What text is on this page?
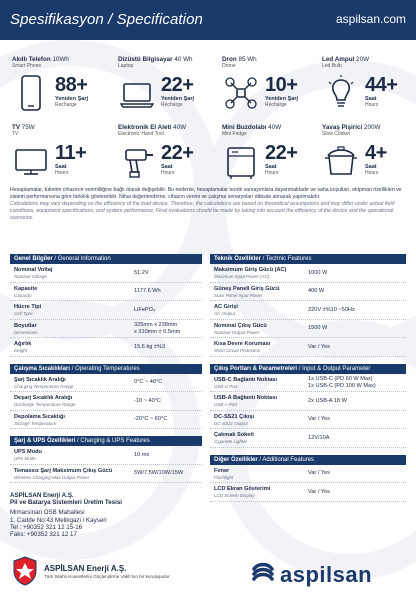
Spesifikasyon / Specification	aspilsan.com
Akıllı Telefon 10Wh
Smart Phone
88+
Yeniden Şarj
Recharge
Dizüstü Bilgisayar 40 Wh
Laptop
22+
Yeniden Şarj
Recharge
Dron 85 Wh
Drone
10+
Yeniden Şarj
Recharge
Led Ampul 20W
Led Bulb
44+
Saat
Hours
TV 75W
TV
11+
Saat
Hours
Elektronik El Aleti 40W
Electronic Hand Tool
22+
Saat
Hours
Mini Buzdolabı 40W
Mini Fridge
22+
Saat
Hours
Yavaş Pişirici 200W
Slow Cooker
4+
Saat
Hours
Hesaplamalar, tüketim cihazının verimliliğine bağlı olarak değişebilir. Bu nedenle, hesaplamalar teorik varsayımlara dayanmaktadır ve saha koşulları, ekipman özellikleri ve sistem performansına göre farklılık gösterebilir. Nihai değerlendirme, cihazın verimi ve çalışma senaryoları dikkate alınarak yapılmalıdır.
Calculations may vary depending on the efficiency of the load device. Therefore, the calculations are based on theoretical assumptions and may differ under actual field conditions, equipment specifications, and system performance. Final evaluations should be made by taking into account the efficiency of the device and the operational scenarios.
Genel Bilgiler / General Information
Nominal Voltaj
Nominal Voltage
51.2V
Kapasite
Capacity
1177.6 Wh
Hücre Tipi
Cell Type
LiFePO₄
Boyutlar
Dimensions
325mm x 238mm
x 310mm ± 0.5mm
Ağırlık
weight
15.6 kg ±%3
Çalışma Sıcaklıkları / Operating Temperatures
Şarj Sıcaklık Aralığı
Charging Temperature Range
0°C ~ 40°C
Deşarj Sıcaklık Aralığı
Discharge Temperature Range
-10 ~ 40°C
Depolama Sıcaklığı
Storage Temperature
-20°C ~ 60°C
Şarj & UPS Özellikleri / Charging & UPS Features
UPS Modu
UPS Mode
10 ms
Temassız Şarj Maksimum Çıkış Gücü
Wireless Charging Max Output Power
5W/7.5W/10W/15W
Teknik Özellikler / Technic Features
Maksimum Giriş Gücü (AC)
Maximum Input Power (AC)
1000 W
Güneş Paneli Giriş Gücü
Solar Panel Input Power
400 W
AC Girişi
AC Output
220V ±%10 ~50Hz
Nominal Çıkış Gücü
Nominal Output Power
1500 W
Kısa Devre Koruması
Short Circuit Protection
Var / Yes
Çıkış Portları & Parametreleri / Input & Output Parameter
USB-C Bağlantı Noktası
USB-C Port
1x USB-C (PD 60 W Max)
1x USB-C (PD 100 W Max)
USB-A Bağlantı Noktası
USB-A Port
2x USB-A 18 W
DC-SS21 Çıkışı
DC-SS21 Output
Var / Yes
Çakmak Soketi
Cigarette Lighter
12V/10A
Diğer Özellikler / Additional Features
Fener
Flashlight
Var / Yes
LCD Ekran Gösterimi
LCD Screen Display
Var / Yes
ASPİLSAN Enerji A.Ş.
Pil ve Batarya Sistemleri Üretim Tesisi
Mimarsinan OSB Mahallesi
1. Cadde No:43 Melikgazi / Kayseri
Tel : +90352 321 12 15-16
Faks: +90352 321 12 17
ASPİLSAN Enerji A.Ş.
Türk Silahlı Kuvvetlerini Güçlendirme Vakfı'nın bir kuruluşudur.	aspilsan
